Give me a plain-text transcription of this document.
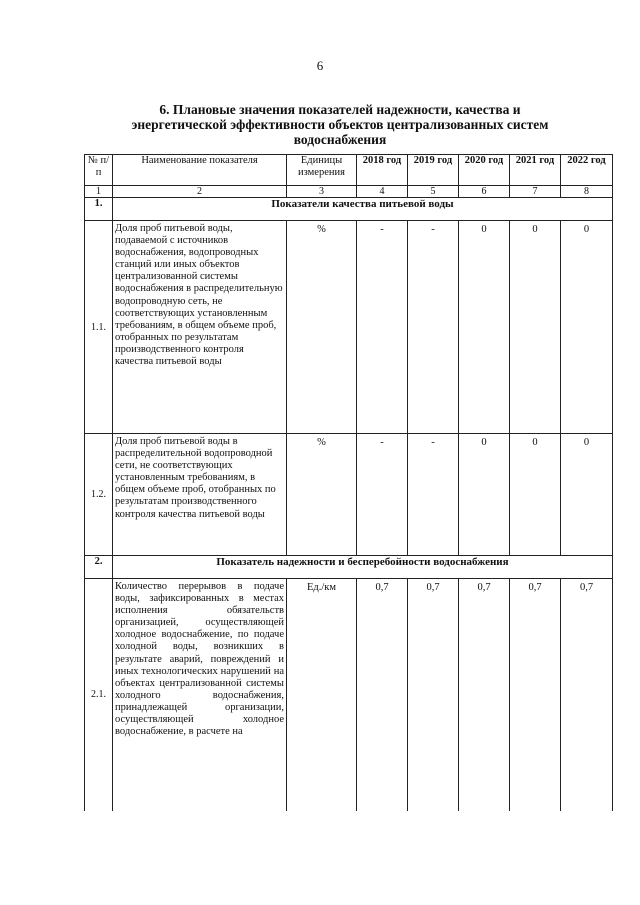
6
6. Плановые значения показателей надежности, качества и
энергетической эффективности объектов централизованных систем
водоснабжения
№ п/п	Наименование показателя	Единицы измерения	2018 год	2019 год	2020 год	2021 год	2022 год
1	2	3	4	5	6	7	8
1.	Показатели качества питьевой воды						
1.1.	Доля проб питьевой воды, подаваемой с источников водоснабжения, водопроводных станций или иных объектов централизованной системы водоснабжения в распределительную водопроводную сеть, не соответствующих установленным требованиям, в общем объеме проб, отобранных по результатам производственного контроля качества питьевой воды	%	-	-	0	0	0
1.2.	Доля проб питьевой воды в распределительной водопроводной сети, не соответствующих установленным требованиям, в общем объеме проб, отобранных по результатам производственного контроля качества питьевой воды	%	-	-	0	0	0
2.	Показатель надежности и бесперебойности водоснабжения						
2.1.	Количество перерывов в подаче воды, зафиксированных в местах исполнения обязательств организацией, осуществляющей холодное водоснабжение, по подаче холодной воды, возникших в результате аварий, повреждений и иных технологических нарушений на объектах централизованной системы холодного водоснабжения, принадлежащей организации, осуществляющей холодное водоснабжение, в расчете на	Ед./км	0,7	0,7	0,7	0,7	0,7
